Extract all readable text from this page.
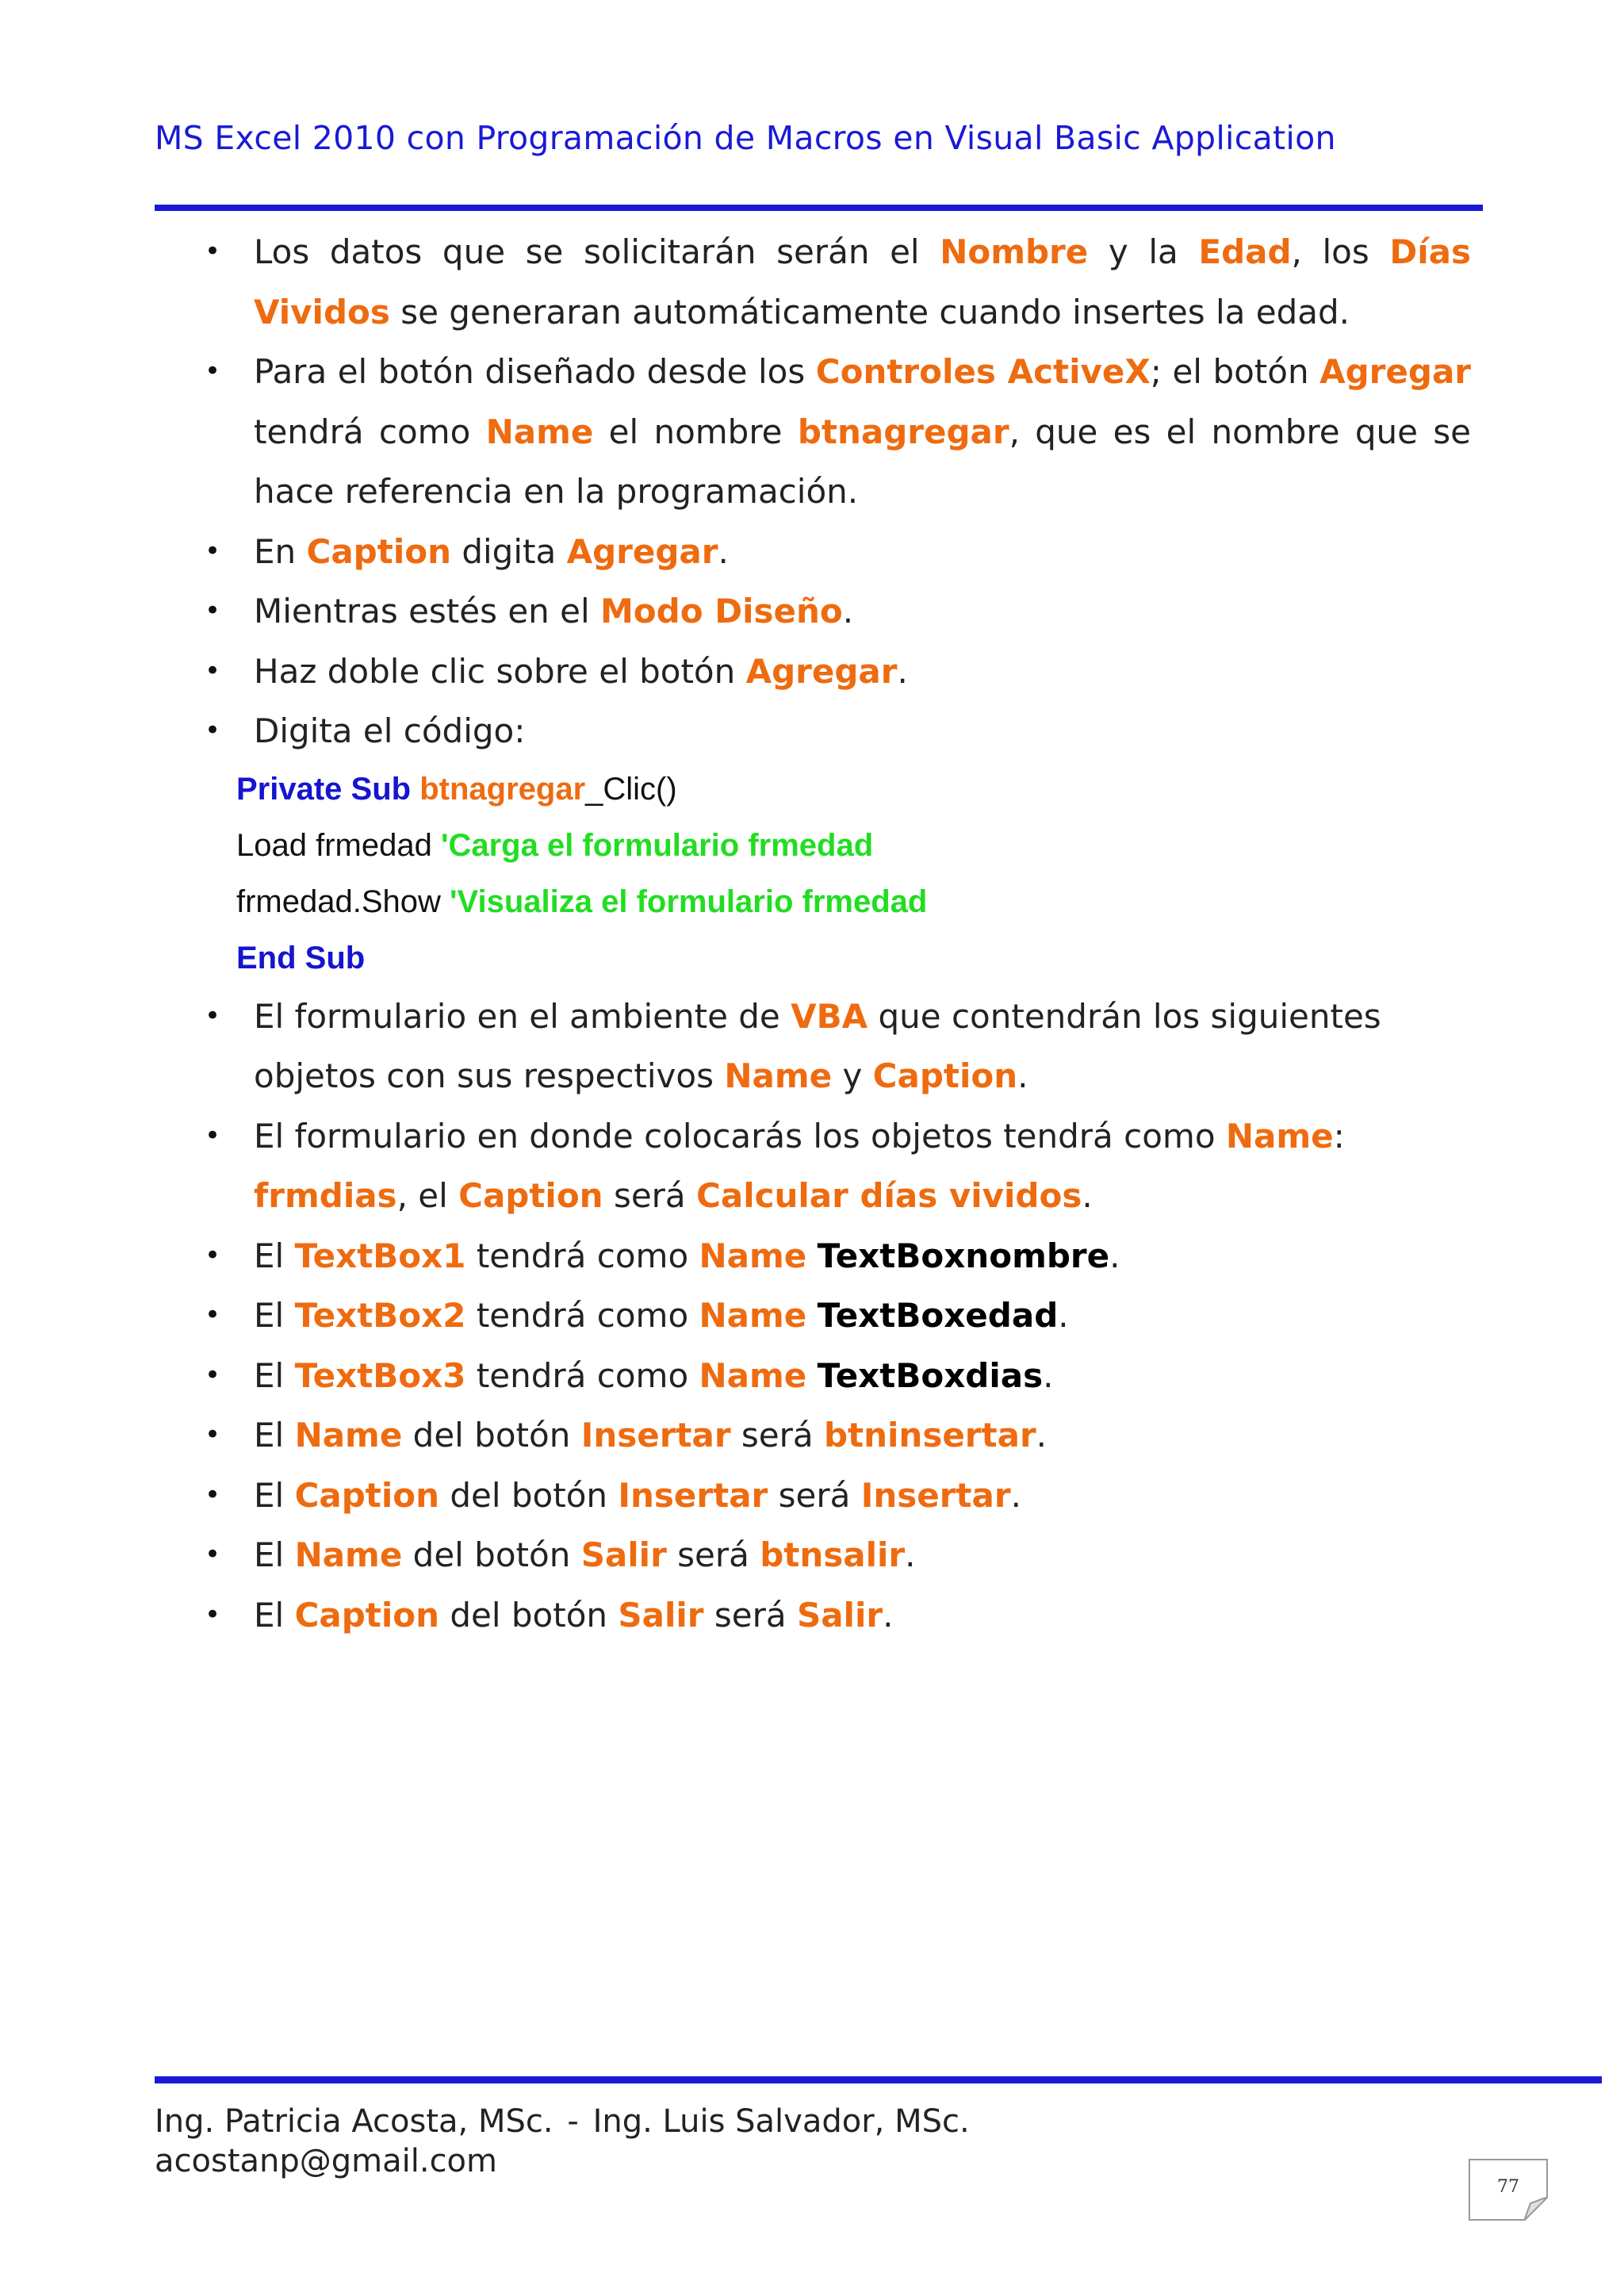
MS Excel 2010 con Programación de Macros en Visual Basic Application
• Los datos que se solicitarán serán el Nombre y la Edad, los Días Vividos se generaran automáticamente cuando insertes la edad.
• Para el botón diseñado desde los Controles ActiveX; el botón Agregar tendrá como Name el nombre btnagregar, que es el nombre que se hace referencia en la programación.
• En Caption digita Agregar.
• Mientras estés en el Modo Diseño.
• Haz doble clic sobre el botón Agregar.
• Digita el código:
Private Sub btnagregar_Clic()
Load frmedad 'Carga el formulario frmedad
frmedad.Show 'Visualiza el formulario frmedad
End Sub
• El formulario en el ambiente de VBA que contendrán los siguientes objetos con sus respectivos Name y Caption.
• El formulario en donde colocarás los objetos tendrá como Name: frmdias, el Caption será Calcular días vividos.
• El TextBox1 tendrá como Name TextBoxnombre.
• El TextBox2 tendrá como Name TextBoxedad.
• El TextBox3 tendrá como Name TextBoxdias.
• El Name del botón Insertar será btninsertar.
• El Caption del botón Insertar será Insertar.
• El Name del botón Salir será btnsalir.
• El Caption del botón Salir será Salir.
Ing. Patricia Acosta, MSc. - Ing. Luis Salvador, MSc.
acostanp@gmail.com
77
